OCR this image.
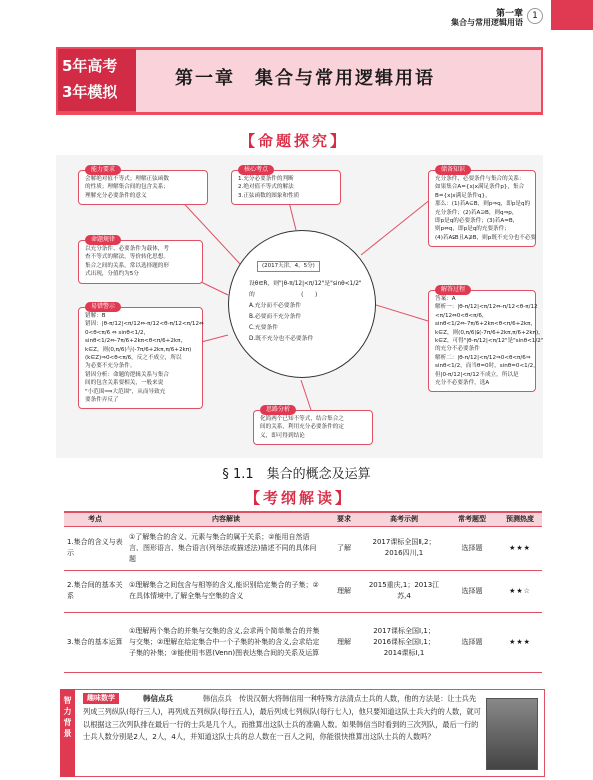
第一章
集合与常用逻辑用语
1
5年高考
3年模拟
第一章　集合与常用逻辑用语
【命题探究】
能力要求
会解绝对值不等式；理解正弦函数
的性质；理解集合间的包含关系；
理解充分必要条件的意义
核心考点
1.充分必要条件的判断
2.绝对值不等式的解法
3.正弦函数的图象和性质
储备知识
充分条件、必要条件与集合的关系：
如果集合A={x|x满足条件p}，集合
B={x|x满足条件q}，
那么：(1)若A⊆B，则p⇒q，即p是q的
充分条件；(2)若A⊇B，则q⇒p，
即p是q的必要条件；(3)若A=B，
则p⇔q，即p是q的充要条件；
(4)若A⫋B且A⊉B，则p既不充分也不必要
命题规律
以充分条件、必要条件为载体，考
查不等式的解法，等价转化思想。
集合之间的关系，常以选择题的形
式出现，分值约为5分
解答过程
答案：A
解析一：|θ-π/12|<π/12⇔-π/12<θ-π/12
<π/12⇔0<θ<π/6，
sinθ<1/2⇔-7π/6+2kπ<θ<π/6+2kπ，
k∈Z，则(0,π/6)⫋(-7π/6+2kπ,π/6+2kπ)，
k∈Z，可得"|θ-π/12|<π/12"是"sinθ<1/2"
的充分不必要条件
解析二：|θ-π/12|<π/12⇒0<θ<π/6⇒
sinθ<1/2，而当θ=0时，sinθ=0<1/2，
但|0-π/12|<π/12不成立，所以是
充分不必要条件，选A
易错警示
错解：B
错因：|θ-π/12|<π/12⇔-π/12<θ-π/12<π/12⇔
0<θ<π/6 ⇔ sinθ<1/2，
sinθ<1/2⇔-7π/6+2kπ<θ<π/6+2kπ，
k∈Z，则(0,π/6)与(-7π/6+2kπ,π/6+2kπ)
(k∈Z)⇒0<θ<π/6，反之不成立，所以
为必要不充分条件。
错因分析：命题的逻辑关系与集合
间的包含关系要相关，一般来说
"小范围⟹大范围"，从而导致充
要条件弄反了
思路分析
化简两个已知不等式，结合集合之
间的关系，利用充分必要条件的定
义，即可得到结论
(2017天津，4，5分)
设θ∈R，则"|θ-π/12|<π/12"是"sinθ<1/2"
的　　　　　　　　(　　)
A.充分而不必要条件
B.必要而不充分条件
C.充要条件
D.既不充分也不必要条件
§ 1.1　集合的概念及运算
【考纲解读】
考点	内容解读	要求	高考示例	常考题型	预测热度
1.集合的含义与表示	①了解集合的含义、元素与集合的属于关系；②能用自然语言、图形语言、集合语言(列举法或描述法)描述不同的具体问题	了解	2017课标全国Ⅱ,2；2016四川,1	选择题	★★★
2.集合间的基本关系	①理解集合之间包含与相等的含义,能识别给定集合的子集；②在具体情境中,了解全集与空集的含义	理解	2015重庆,1；2013江苏,4	选择题	★★☆
3.集合的基本运算	①理解两个集合的并集与交集的含义,会求两个简单集合的并集与交集；②理解在给定集合中一个子集的补集的含义,会求给定子集的补集；③能使用韦恩(Venn)图表达集合间的关系及运算	理解	2017课标全国Ⅰ,1；2016课标全国Ⅰ,1；2014课标Ⅰ,1	选择题	★★★
韩信点兵　传说汉朝大将韩信用一种特殊方法清点士兵的人数，他的方法是：让士兵先列成三列纵队(每行三人)，再列成五列纵队(每行五人)，最后列成七列纵队(每行七人)，他只要知道这队士兵大约的人数，就可以根据这三次列队排在最后一行的士兵是几个人，而推算出这队士兵的准确人数。如果韩信当时看到的三次列队，最后一行的士兵人数分别是2人，2人，4人，并知道这队士兵的总人数在一百人之间，你能很快推算出这队士兵的人数吗？
趣味数学	韩信点兵
智力背景
